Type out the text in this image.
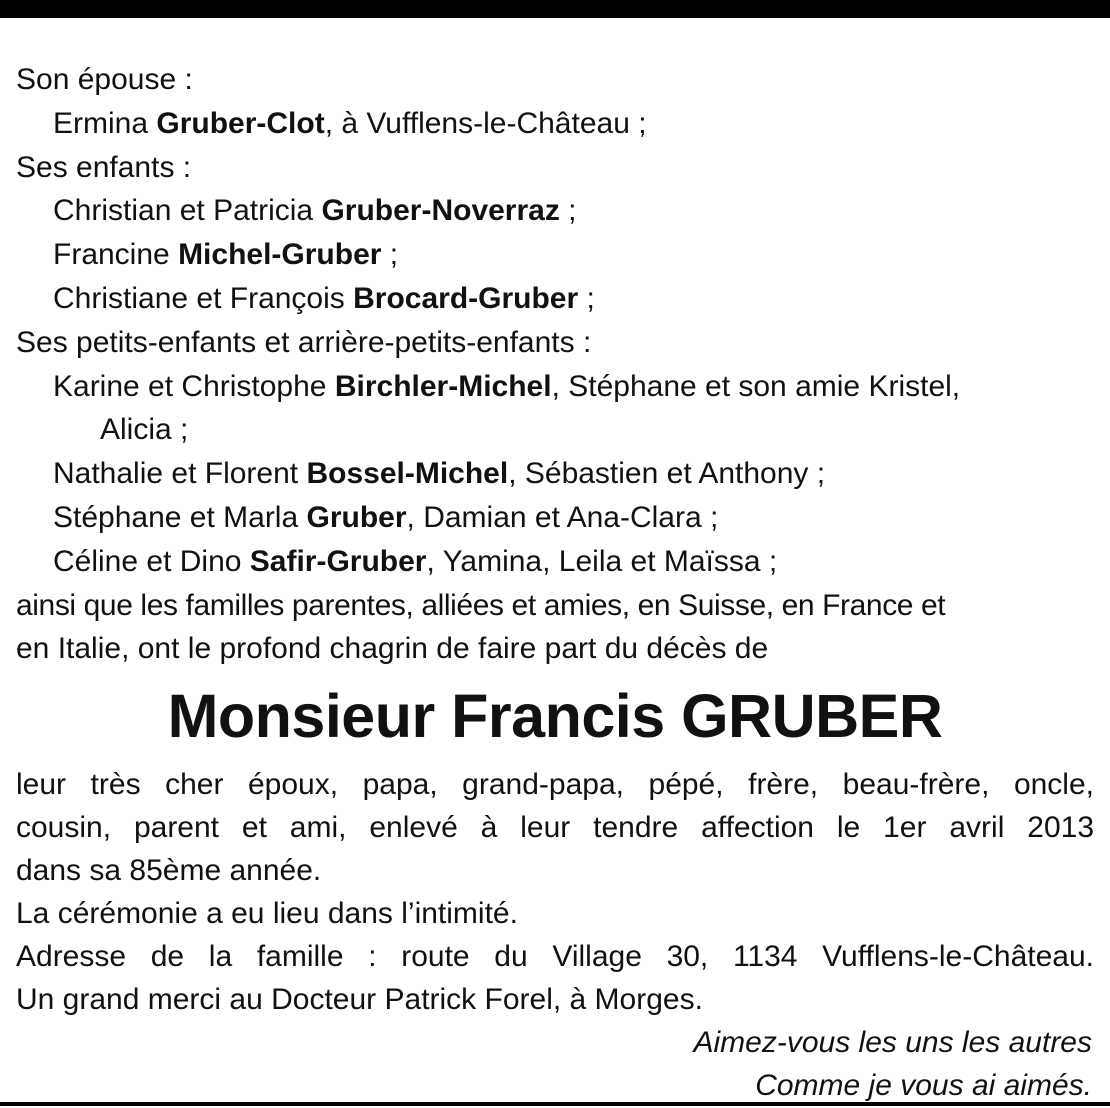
Son épouse :
Ermina Gruber-Clot, à Vufflens-le-Château ;
Ses enfants :
Christian et Patricia Gruber-Noverraz ;
Francine Michel-Gruber ;
Christiane et François Brocard-Gruber ;
Ses petits-enfants et arrière-petits-enfants :
Karine et Christophe Birchler-Michel, Stéphane et son amie Kristel,
Alicia ;
Nathalie et Florent Bossel-Michel, Sébastien et Anthony ;
Stéphane et Marla Gruber, Damian et Ana-Clara ;
Céline et Dino Safir-Gruber, Yamina, Leila et Maïssa ;
ainsi que les familles parentes, alliées et amies, en Suisse, en France et
en Italie, ont le profond chagrin de faire part du décès de
Monsieur Francis GRUBER
leur très cher époux, papa, grand-papa, pépé, frère, beau-frère, oncle,
cousin, parent et ami, enlevé à leur tendre affection le 1er avril 2013
dans sa 85ème année.
La cérémonie a eu lieu dans l’intimité.
Adresse de la famille : route du Village 30, 1134 Vufflens-le-Château.
Un grand merci au Docteur Patrick Forel, à Morges.
Aimez-vous les uns les autres
Comme je vous ai aimés.
